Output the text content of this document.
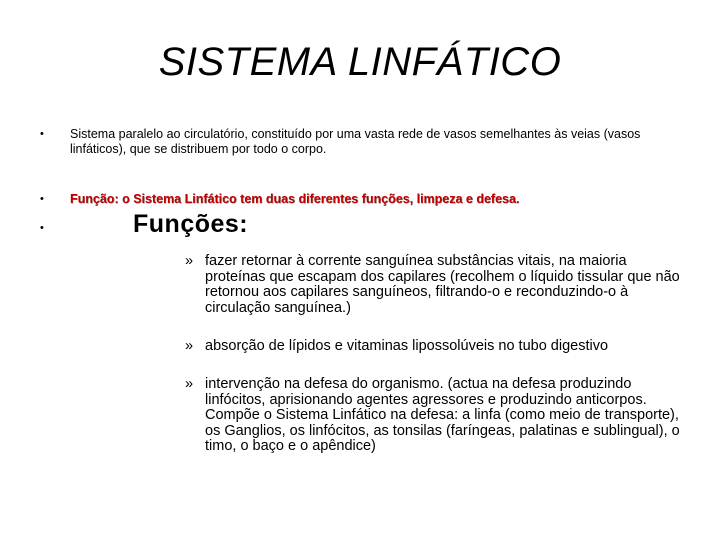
SISTEMA LINFÁTICO
• Sistema paralelo ao circulatório, constituído por uma vasta rede de vasos semelhantes às veias (vasos linfáticos), que se distribuem por todo o corpo.

• Função: o Sistema Linfático tem duas diferentes funções, limpeza e defesa.

•	Funções:
» fazer retornar à corrente sanguínea substâncias vitais, na maioria proteínas que escapam dos capilares (recolhem o líquido tissular que não retornou aos capilares sanguíneos, filtrando-o e reconduzindo-o à circulação sanguínea.)
» absorção de lípidos e vitaminas lipossolúveis no tubo digestivo
» intervenção na defesa do organismo. (actua na defesa produzindo linfócitos, aprisionando agentes agressores e produzindo anticorpos. Compõe o Sistema Linfático na defesa: a linfa (como meio de transporte), os Ganglios, os linfócitos, as tonsilas (faríngeas, palatinas e sublingual), o timo, o baço e o apêndice)
